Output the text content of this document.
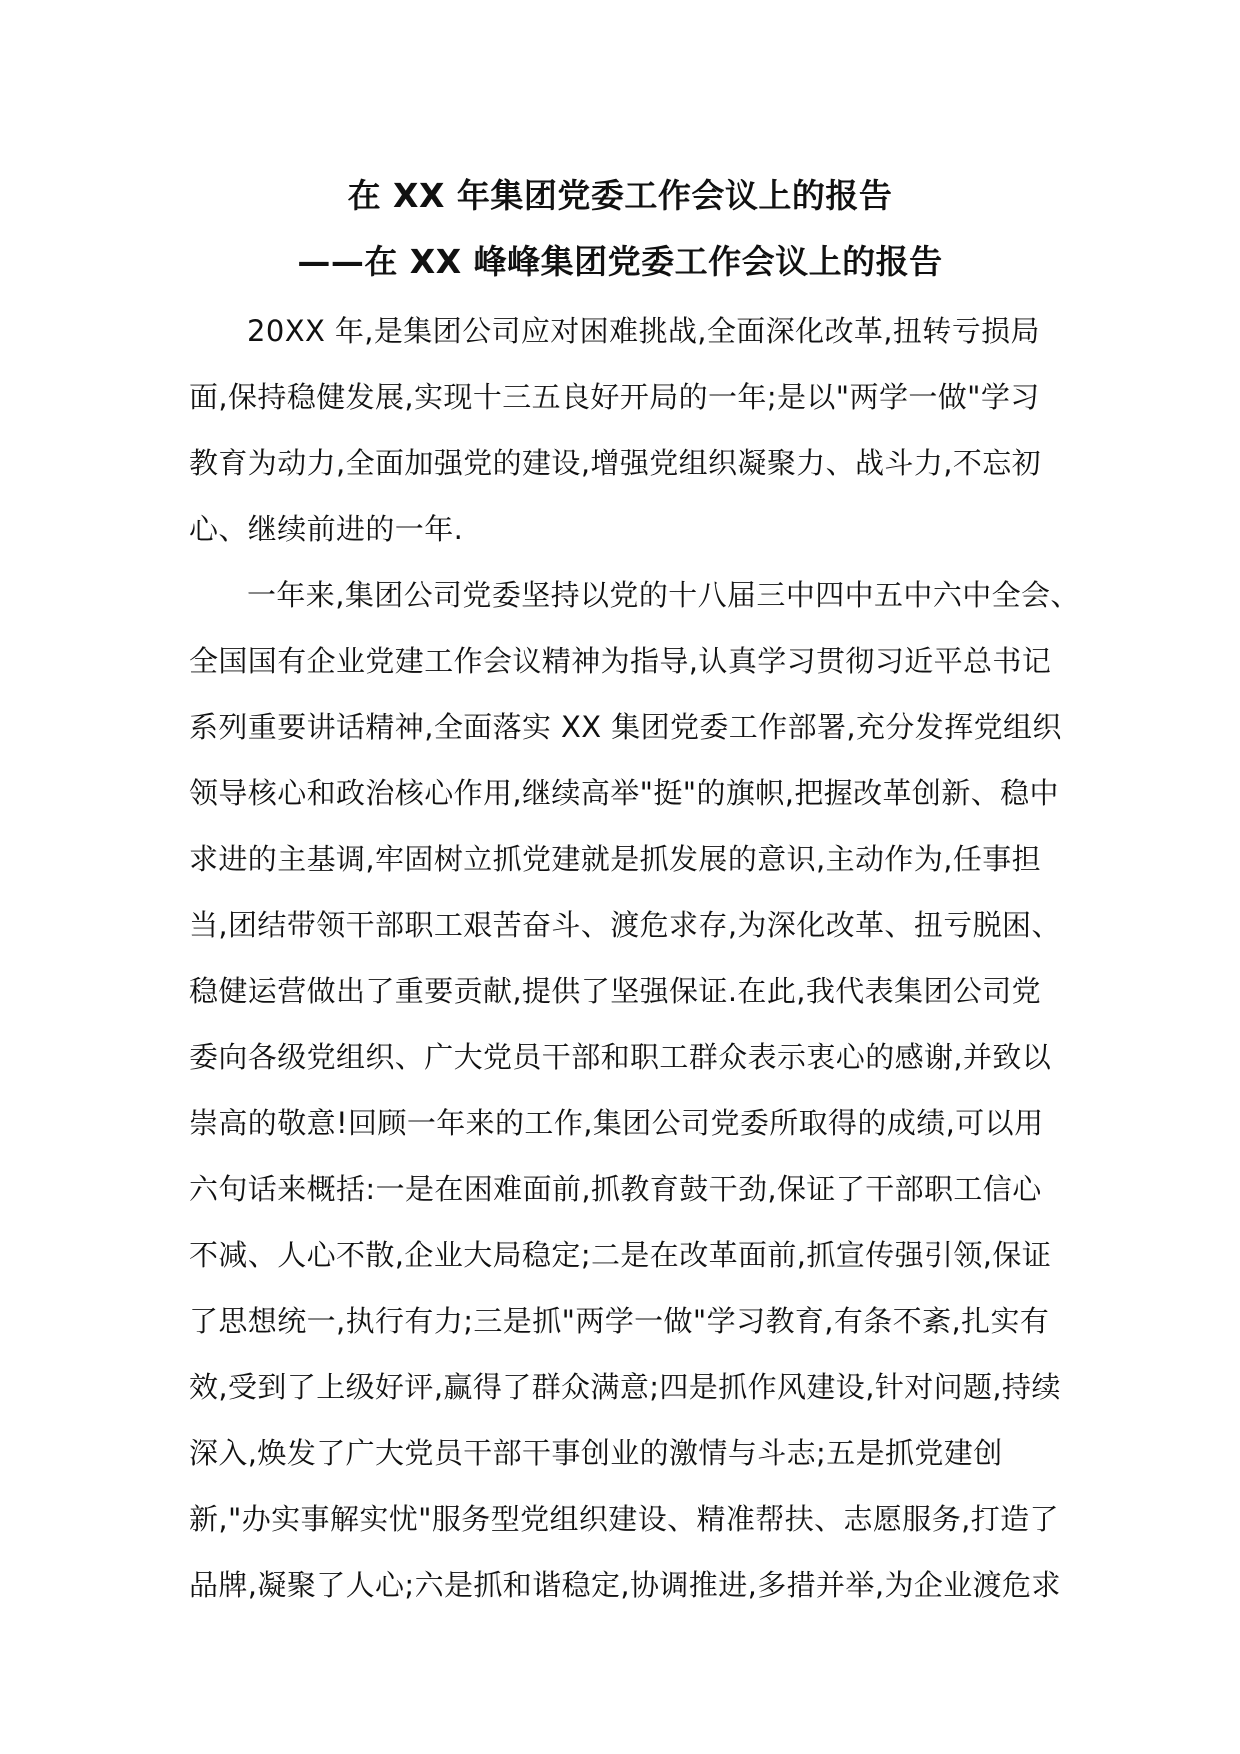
在 XX 年集团党委工作会议上的报告
——在 XX 峰峰集团党委工作会议上的报告
20XX 年,是集团公司应对困难挑战,全面深化改革,扭转亏损局
面,保持稳健发展,实现十三五良好开局的一年;是以"两学一做"学习
教育为动力,全面加强党的建设,增强党组织凝聚力、战斗力,不忘初
心、继续前进的一年.
一年来,集团公司党委坚持以党的十八届三中四中五中六中全会、
全国国有企业党建工作会议精神为指导,认真学习贯彻习近平总书记
系列重要讲话精神,全面落实 XX 集团党委工作部署,充分发挥党组织
领导核心和政治核心作用,继续高举"挺"的旗帜,把握改革创新、稳中
求进的主基调,牢固树立抓党建就是抓发展的意识,主动作为,任事担
当,团结带领干部职工艰苦奋斗、渡危求存,为深化改革、扭亏脱困、
稳健运营做出了重要贡献,提供了坚强保证.在此,我代表集团公司党
委向各级党组织、广大党员干部和职工群众表示衷心的感谢,并致以
崇高的敬意!回顾一年来的工作,集团公司党委所取得的成绩,可以用
六句话来概括:一是在困难面前,抓教育鼓干劲,保证了干部职工信心
不减、人心不散,企业大局稳定;二是在改革面前,抓宣传强引领,保证
了思想统一,执行有力;三是抓"两学一做"学习教育,有条不紊,扎实有
效,受到了上级好评,赢得了群众满意;四是抓作风建设,针对问题,持续
深入,焕发了广大党员干部干事创业的激情与斗志;五是抓党建创
新,"办实事解实忧"服务型党组织建设、精准帮扶、志愿服务,打造了
品牌,凝聚了人心;六是抓和谐稳定,协调推进,多措并举,为企业渡危求
